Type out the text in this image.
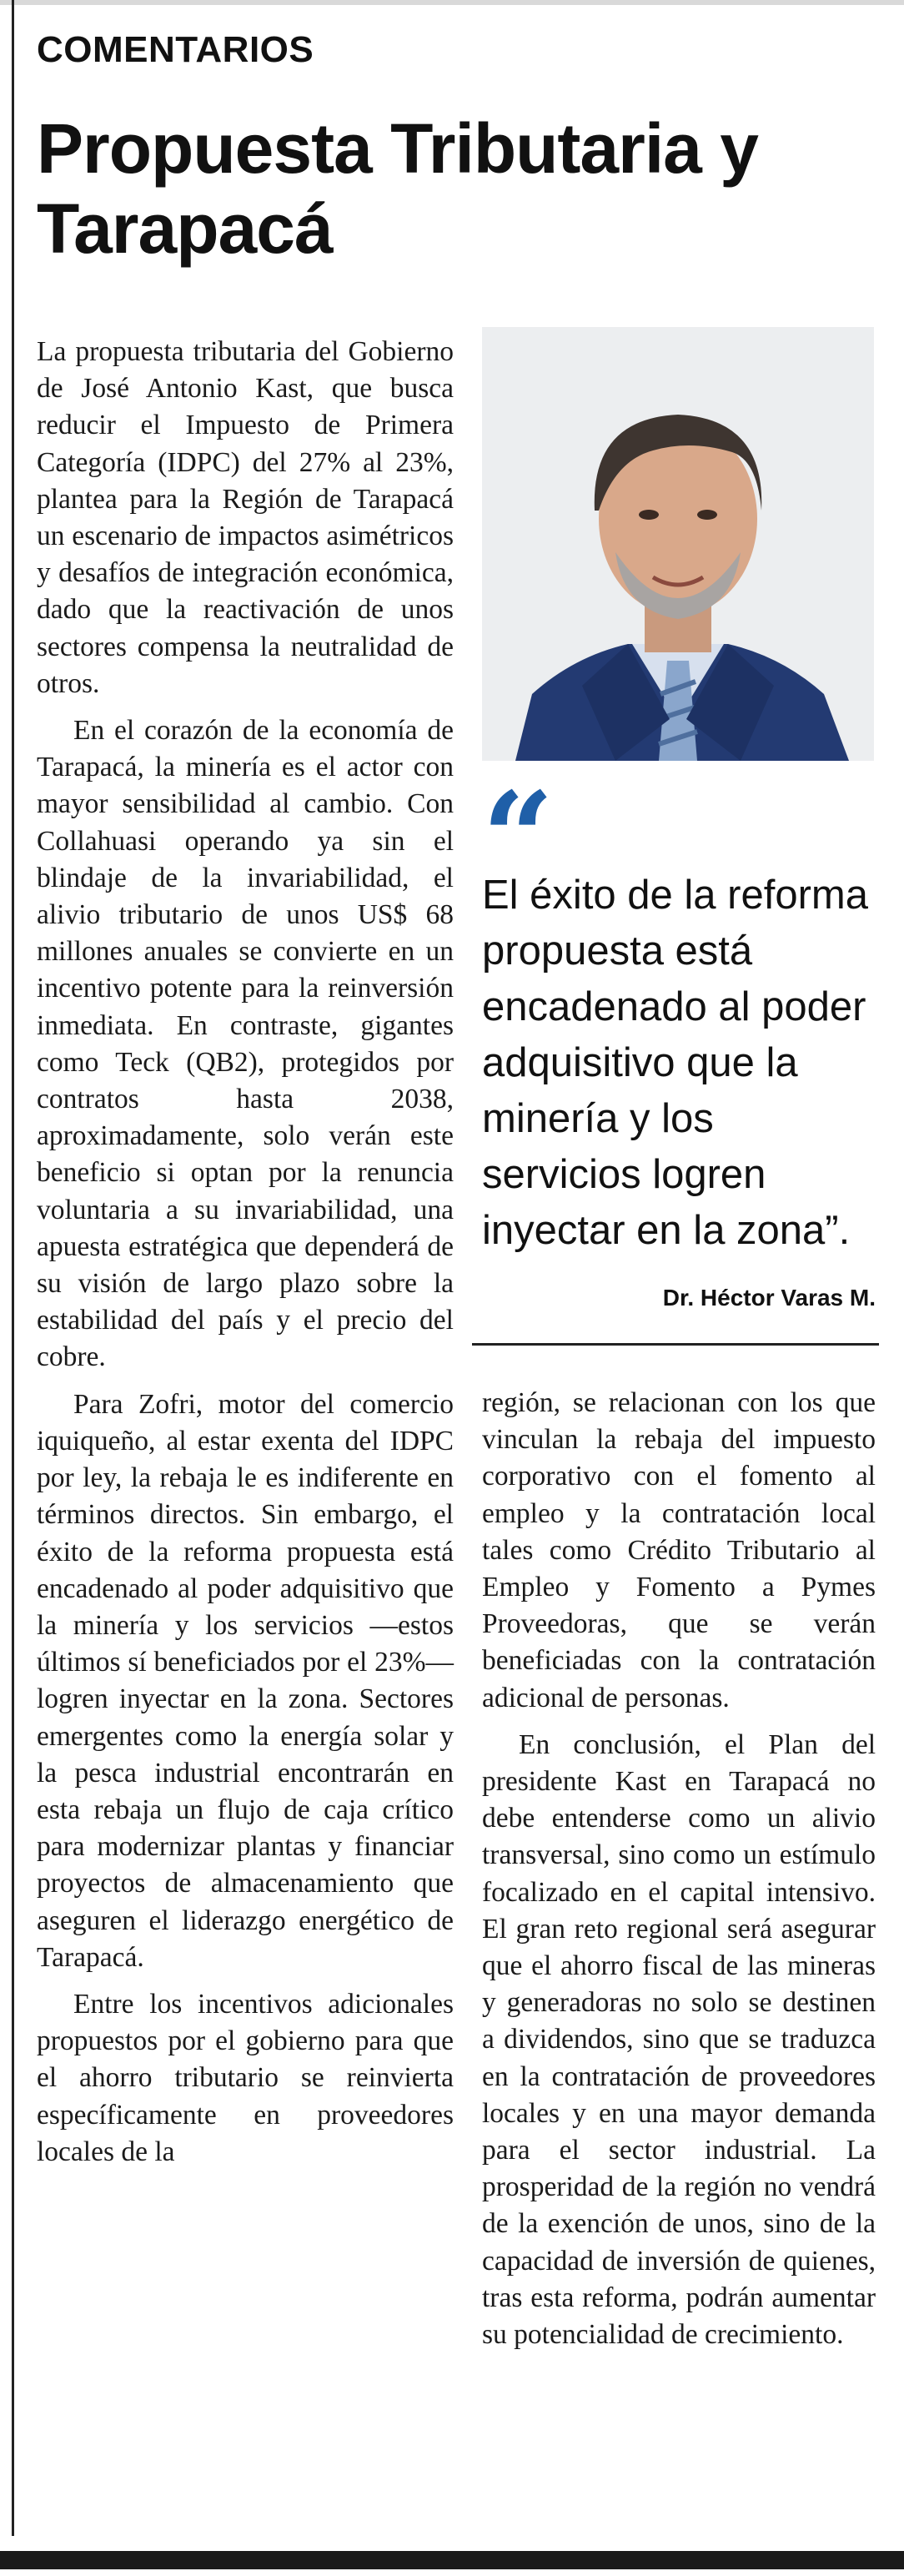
COMENTARIOS
Propuesta Tributaria y Tarapacá

La propuesta tributaria del Gobierno de José Antonio Kast, que busca reducir el Impuesto de Primera Categoría (IDPC) del 27% al 23%, plantea para la Región de Tarapacá un escenario de impactos asimétricos y desafíos de integración económica, dado que la reactivación de unos sectores compensa la neutralidad de otros.

En el corazón de la economía de Tarapacá, la minería es el actor con mayor sensibilidad al cambio. Con Collahuasi operando ya sin el blindaje de la invariabilidad, el alivio tributario de unos US$ 68 millones anuales se convierte en un incentivo potente para la reinversión inmediata. En contraste, gigantes como Teck (QB2), protegidos por contratos hasta 2038, aproximadamente, solo verán este beneficio si optan por la renuncia voluntaria a su invariabilidad, una apuesta estratégica que dependerá de su visión de largo plazo sobre la estabilidad del país y el precio del cobre.

Para Zofri, motor del comercio iquiqueño, al estar exenta del IDPC por ley, la rebaja le es indiferente en términos directos. Sin embargo, el éxito de la reforma propuesta está encadenado al poder adquisitivo que la minería y los servicios —estos últimos sí beneficiados por el 23%— logren inyectar en la zona. Sectores emergentes como la energía solar y la pesca industrial encontrarán en esta rebaja un flujo de caja crítico para modernizar plantas y financiar proyectos de almacenamiento que aseguren el liderazgo energético de Tarapacá.

Entre los incentivos adicionales propuestos por el gobierno para que el ahorro tributario se reinvierta específicamente en proveedores locales de la

“
El éxito de la reforma propuesta está encadenado al poder adquisitivo que la minería y los servicios logren inyectar en la zona”.
Dr. Héctor Varas M.

región, se relacionan con los que vinculan la rebaja del impuesto corporativo con el fomento al empleo y la contratación local tales como Crédito Tributario al Empleo y Fomento a Pymes Proveedoras, que se verán beneficiadas con la contratación adicional de personas.

En conclusión, el Plan del presidente Kast en Tarapacá no debe entenderse como un alivio transversal, sino como un estímulo focalizado en el capital intensivo. El gran reto regional será asegurar que el ahorro fiscal de las mineras y generadoras no solo se destinen a dividendos, sino que se traduzca en la contratación de proveedores locales y en una mayor demanda para el sector industrial. La prosperidad de la región no vendrá de la exención de unos, sino de la capacidad de inversión de quienes, tras esta reforma, podrán aumentar su potencialidad de crecimiento.
